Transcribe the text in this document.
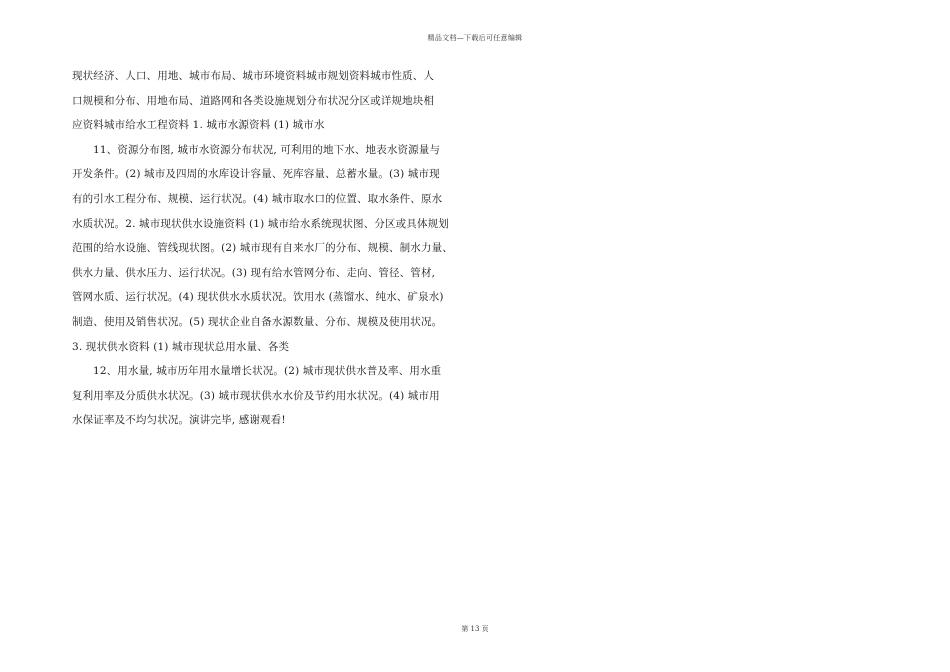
精品文档—下载后可任意编辑
现状经济、人口、用地、城市布局、城市环境资料城市规划资料城市性质、人
口规模和分布、用地布局、道路网和各类设施规划分布状况分区或详规地块相
应资料城市给水工程资料 1. 城市水源资料 (1) 城市水
11、资源分布图, 城市水资源分布状况, 可利用的地下水、地表水资源量与
开发条件。(2) 城市及四周的水库设计容量、死库容量、总蓄水量。(3) 城市现
有的引水工程分布、规模、运行状况。(4) 城市取水口的位置、取水条件、原水
水质状况。2. 城市现状供水设施资料 (1) 城市给水系统现状图、分区或具体规划
范围的给水设施、管线现状图。(2) 城市现有自来水厂的分布、规模、制水力量、
供水力量、供水压力、运行状况。(3) 现有给水管网分布、走向、管径、管材,
管网水质、运行状况。(4) 现状供水水质状况。饮用水 (蒸馏水、纯水、矿泉水)
制造、使用及销售状况。(5) 现状企业自备水源数量、分布、规模及使用状况。
3. 现状供水资料 (1) 城市现状总用水量、各类
12、用水量, 城市历年用水量增长状况。(2) 城市现状供水普及率、用水重
复利用率及分质供水状况。(3) 城市现状供水水价及节约用水状况。(4) 城市用
水保证率及不均匀状况。演讲完毕, 感谢观看!
第 13 页
